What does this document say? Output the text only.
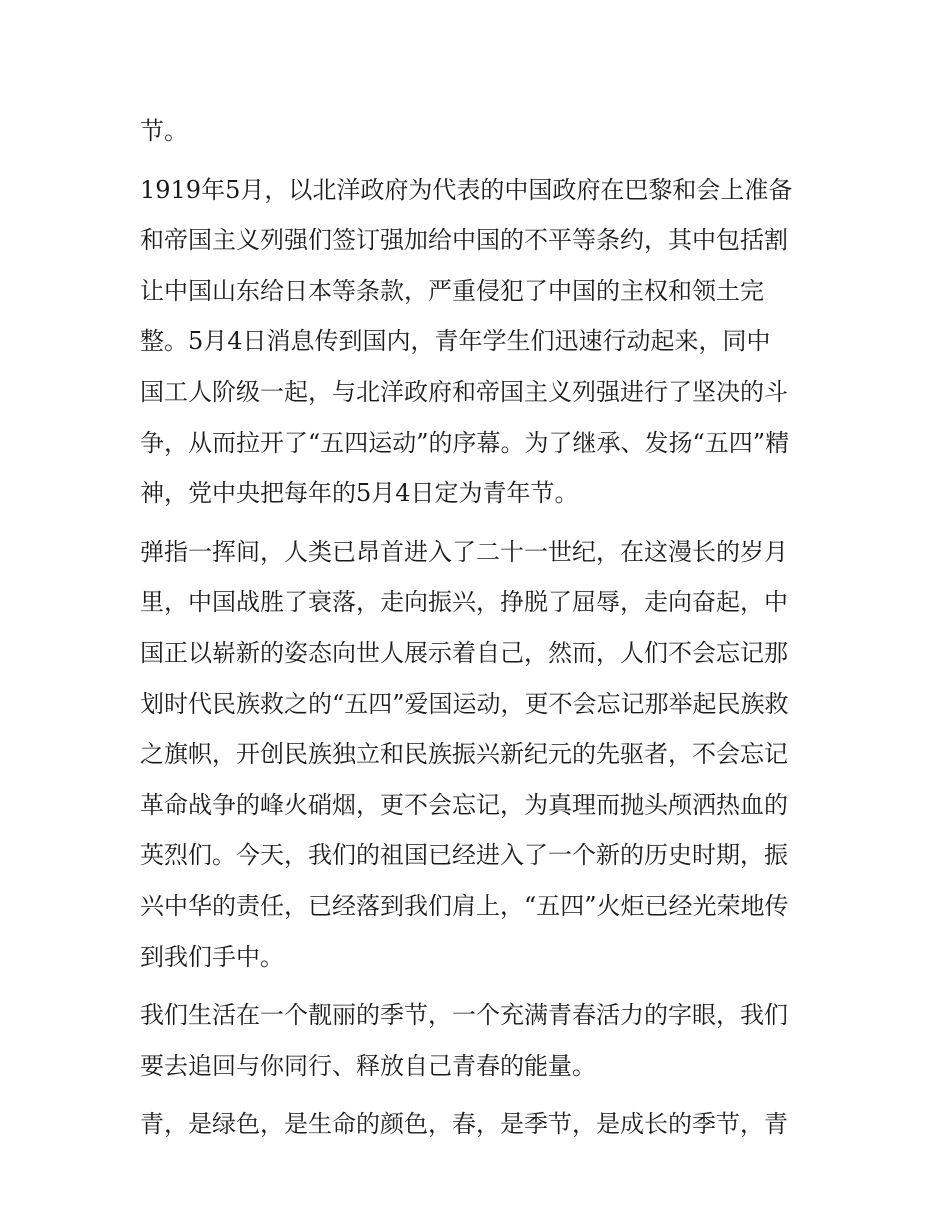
节。
1919年5月，以北洋政府为代表的中国政府在巴黎和会上准备
和帝国主义列强们签订强加给中国的不平等条约，其中包括割
让中国山东给日本等条款，严重侵犯了中国的主权和领土完
整。5月4日消息传到国内，青年学生们迅速行动起来，同中
国工人阶级一起，与北洋政府和帝国主义列强进行了坚决的斗
争，从而拉开了“五四运动”的序幕。为了继承、发扬“五四”精
神，党中央把每年的5月4日定为青年节。
弹指一挥间，人类已昂首进入了二十一世纪，在这漫长的岁月
里，中国战胜了衰落，走向振兴，挣脱了屈辱，走向奋起，中
国正以崭新的姿态向世人展示着自己，然而，人们不会忘记那
划时代民族救之的“五四”爱国运动，更不会忘记那举起民族救
之旗帜，开创民族独立和民族振兴新纪元的先驱者，不会忘记
革命战争的峰火硝烟，更不会忘记，为真理而抛头颅洒热血的
英烈们。今天，我们的祖国已经进入了一个新的历史时期，振
兴中华的责任，已经落到我们肩上，“五四”火炬已经光荣地传
到我们手中。
我们生活在一个靓丽的季节，一个充满青春活力的字眼，我们
要去追回与你同行、释放自己青春的能量。
青，是绿色，是生命的颜色，春，是季节，是成长的季节，青
